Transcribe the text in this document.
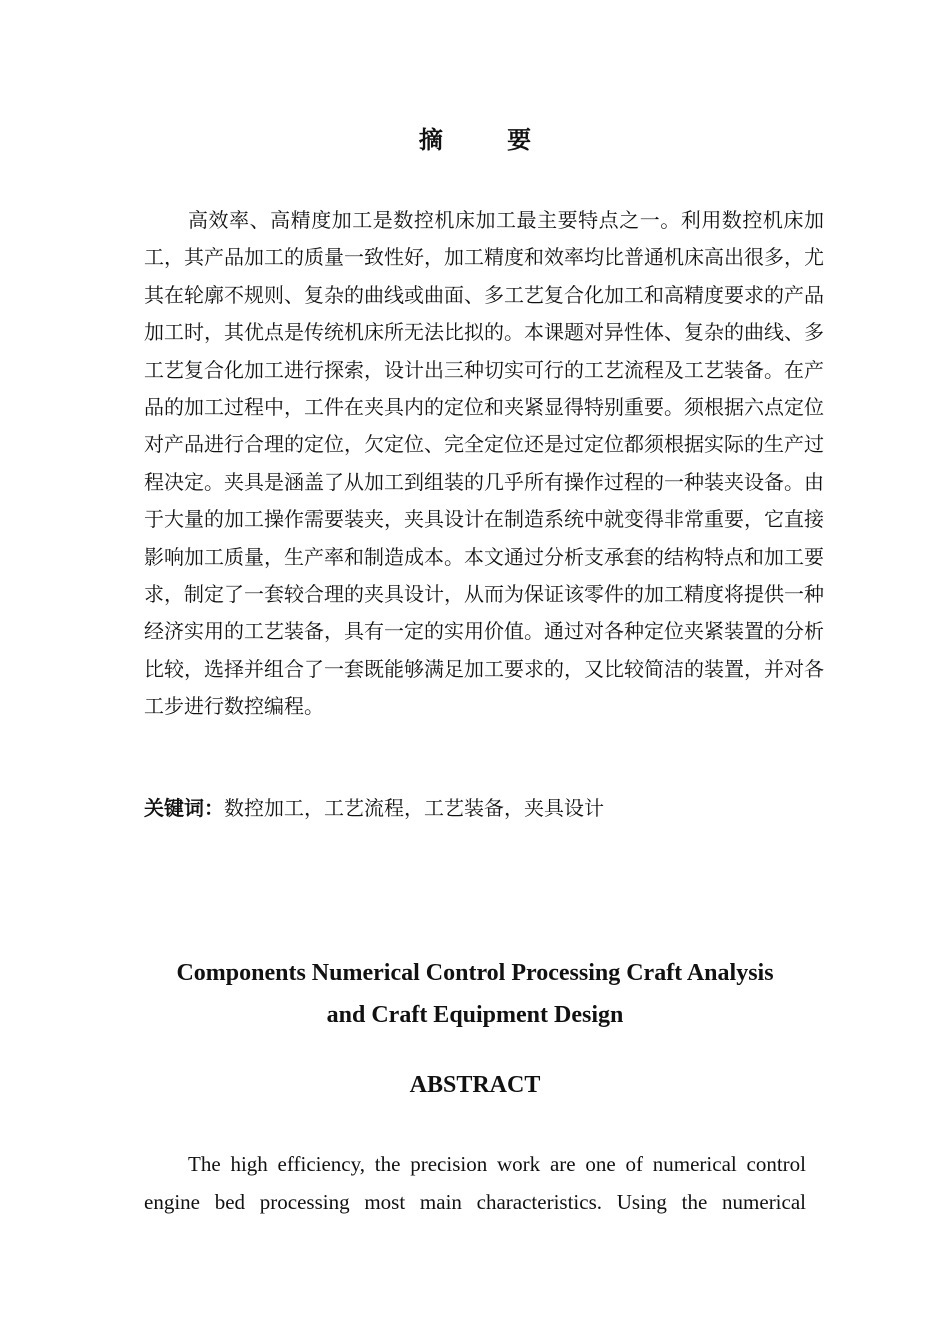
摘 要

高效率、高精度加工是数控机床加工最主要特点之一。利用数控机床加工，其产品加工的质量一致性好，加工精度和效率均比普通机床高出很多，尤其在轮廓不规则、复杂的曲线或曲面、多工艺复合化加工和高精度要求的产品加工时，其优点是传统机床所无法比拟的。本课题对异性体、复杂的曲线、多工艺复合化加工进行探索，设计出三种切实可行的工艺流程及工艺装备。在产品的加工过程中，工件在夹具内的定位和夹紧显得特别重要。须根据六点定位对产品进行合理的定位，欠定位、完全定位还是过定位都须根据实际的生产过程决定。夹具是涵盖了从加工到组装的几乎所有操作过程的一种装夹设备。由于大量的加工操作需要装夹，夹具设计在制造系统中就变得非常重要，它直接影响加工质量，生产率和制造成本。本文通过分析支承套的结构特点和加工要求，制定了一套较合理的夹具设计，从而为保证该零件的加工精度将提供一种经济实用的工艺装备，具有一定的实用价值。通过对各种定位夹紧装置的分析比较，选择并组合了一套既能够满足加工要求的，又比较简洁的装置，并对各工步进行数控编程。

关键词：数控加工，工艺流程，工艺装备，夹具设计
Components Numerical Control Processing Craft Analysis
and Craft Equipment Design
ABSTRACT

The high efficiency, the precision work are one of numerical control engine bed processing most main characteristics. Using the numerical
